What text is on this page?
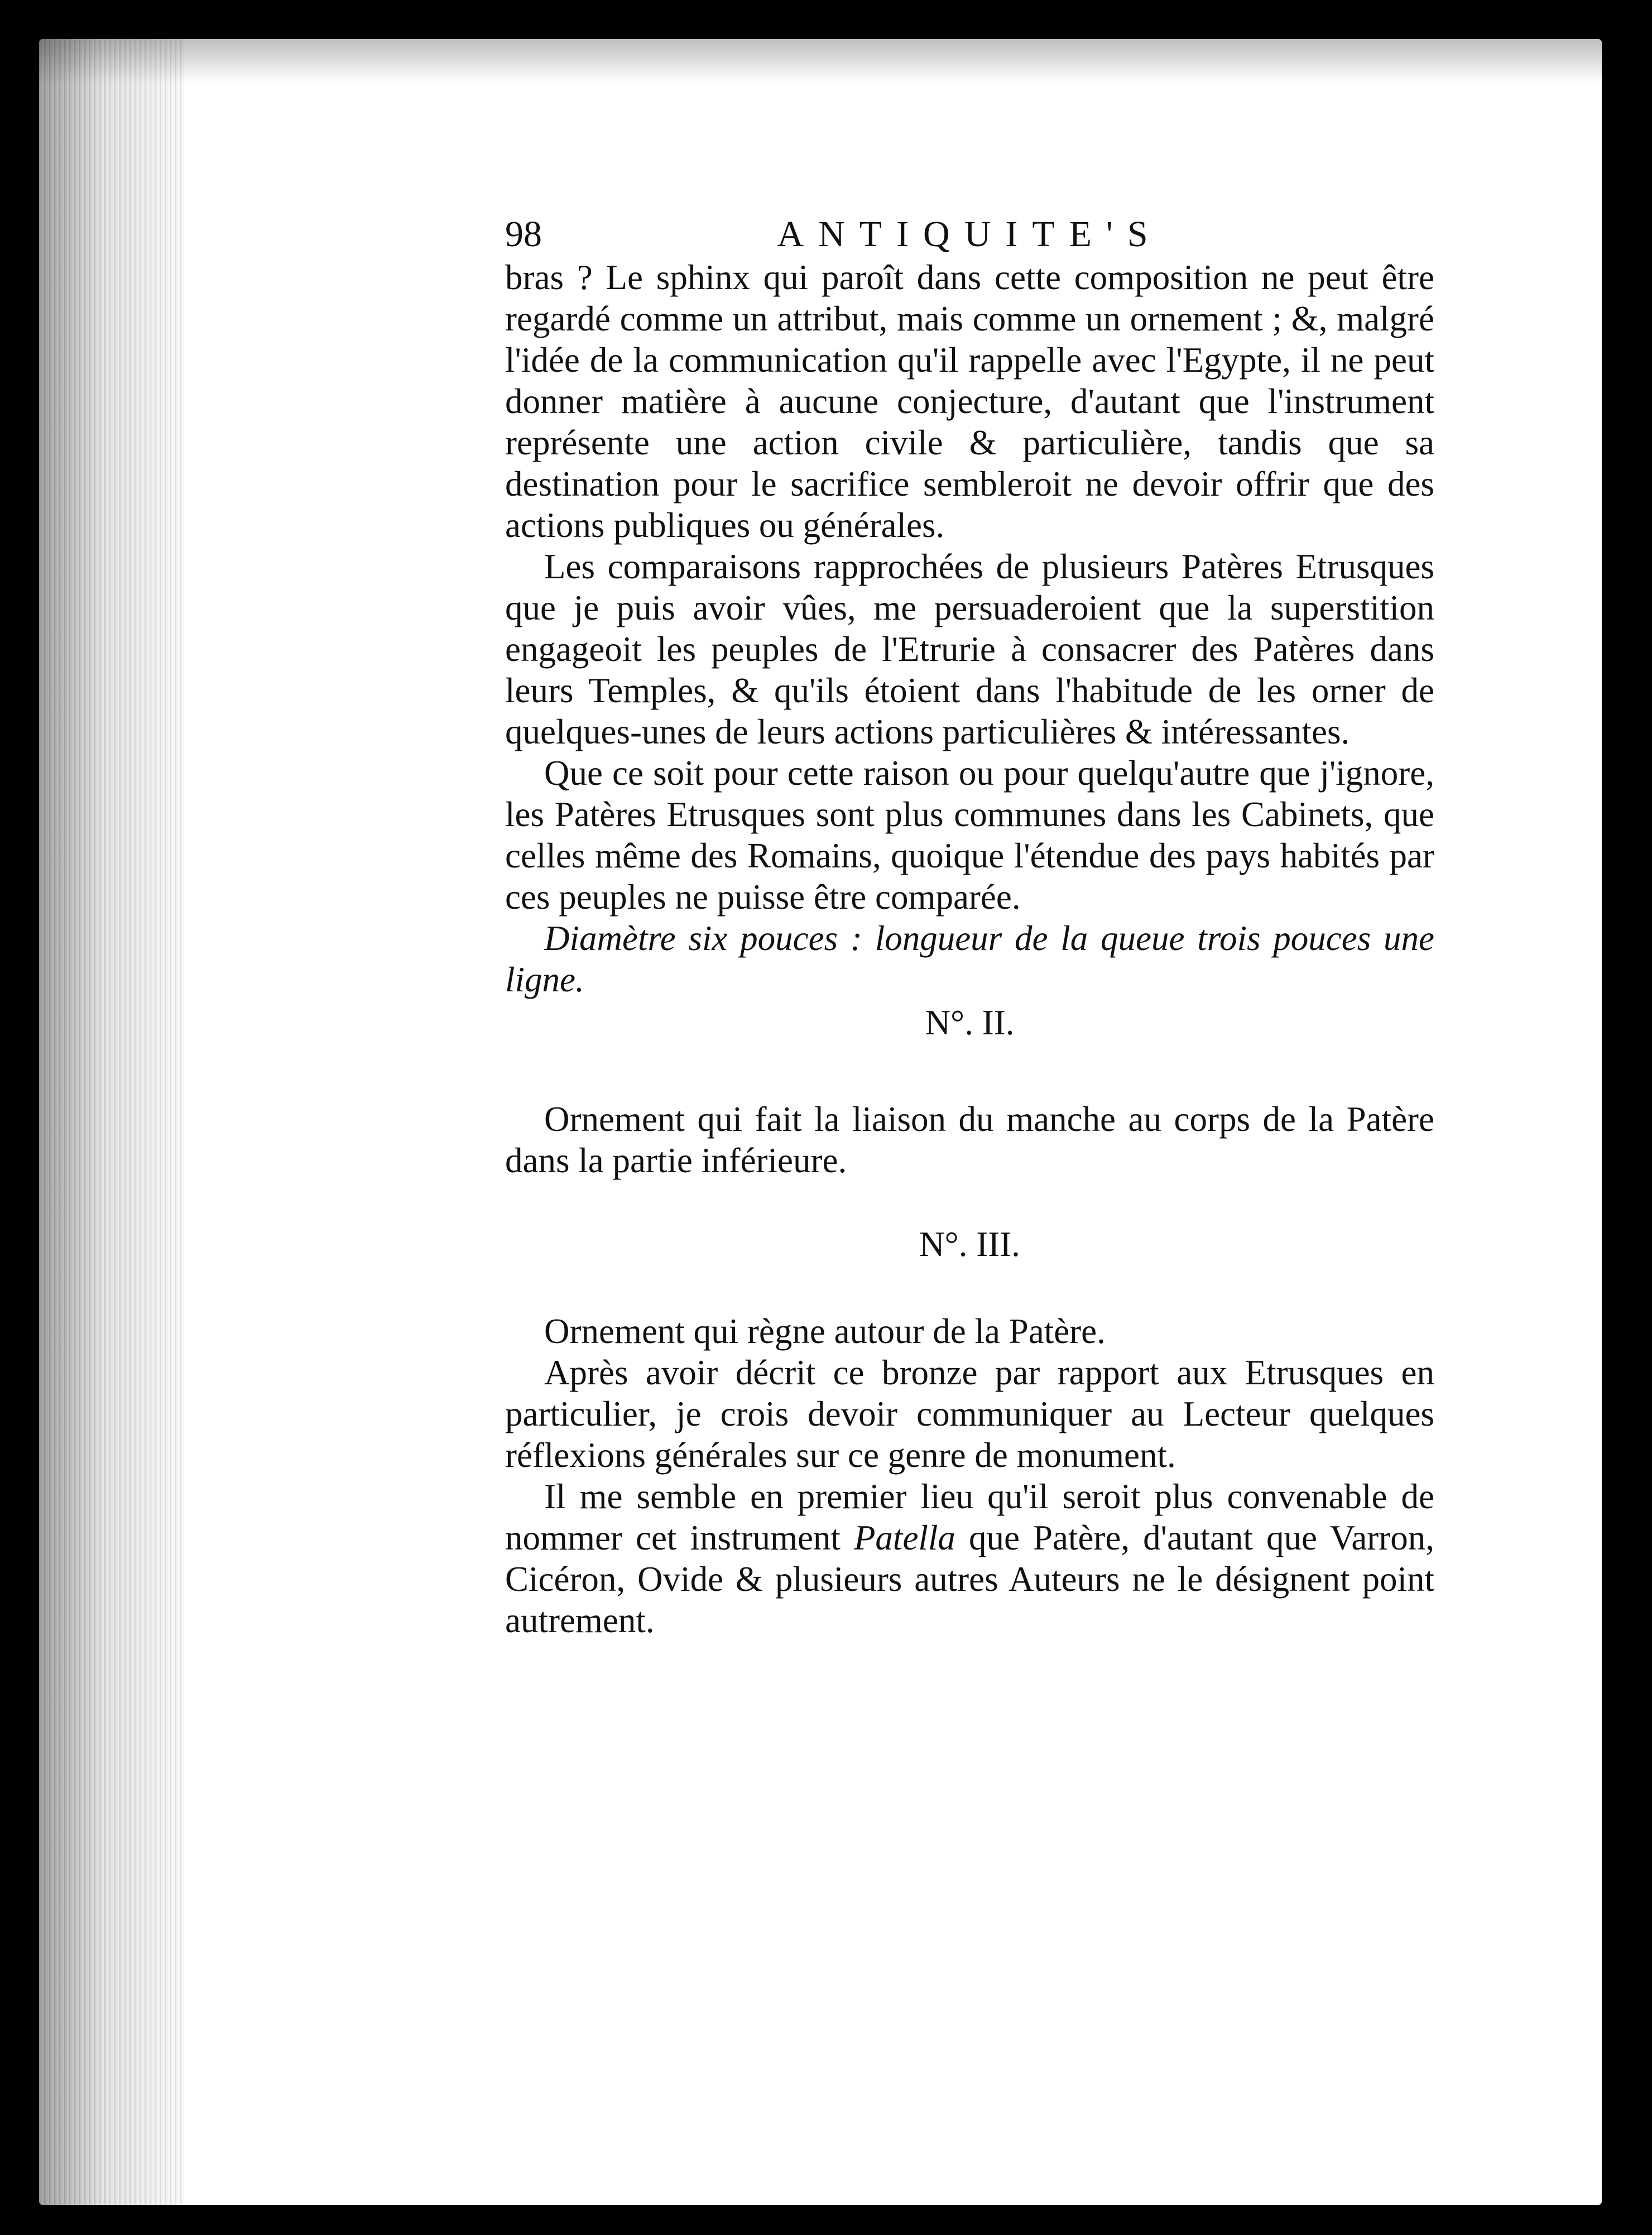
98	ANTIQUITE'S

bras ? Le sphinx qui paroît dans cette composition ne peut être regardé comme un attribut, mais comme un ornement ; &, malgré l'idée de la communication qu'il rappelle avec l'Egypte, il ne peut donner matière à aucune conjecture, d'autant que l'instrument représente une action civile & particulière, tandis que sa destination pour le sacrifice sembleroit ne devoir offrir que des actions publiques ou générales.

Les comparaisons rapprochées de plusieurs Patères Etrusques que je puis avoir vûes, me persuaderoient que la superstition engageoit les peuples de l'Etrurie à consacrer des Patères dans leurs Temples, & qu'ils étoient dans l'habitude de les orner de quelques-unes de leurs actions particulières & intéressantes.

Que ce soit pour cette raison ou pour quelqu'autre que j'ignore, les Patères Etrusques sont plus communes dans les Cabinets, que celles même des Romains, quoique l'étendue des pays habités par ces peuples ne puisse être comparée.

Diamètre six pouces : longueur de la queue trois pouces une ligne.

N°. II.

Ornement qui fait la liaison du manche au corps de la Patère dans la partie inférieure.

N°. III.

Ornement qui règne autour de la Patère.

Après avoir décrit ce bronze par rapport aux Etrusques en particulier, je crois devoir communiquer au Lecteur quelques réflexions générales sur ce genre de monument.

Il me semble en premier lieu qu'il seroit plus convenable de nommer cet instrument Patella que Patère, d'autant que Varron, Cicéron, Ovide & plusieurs autres Auteurs ne le désignent point autrement.
